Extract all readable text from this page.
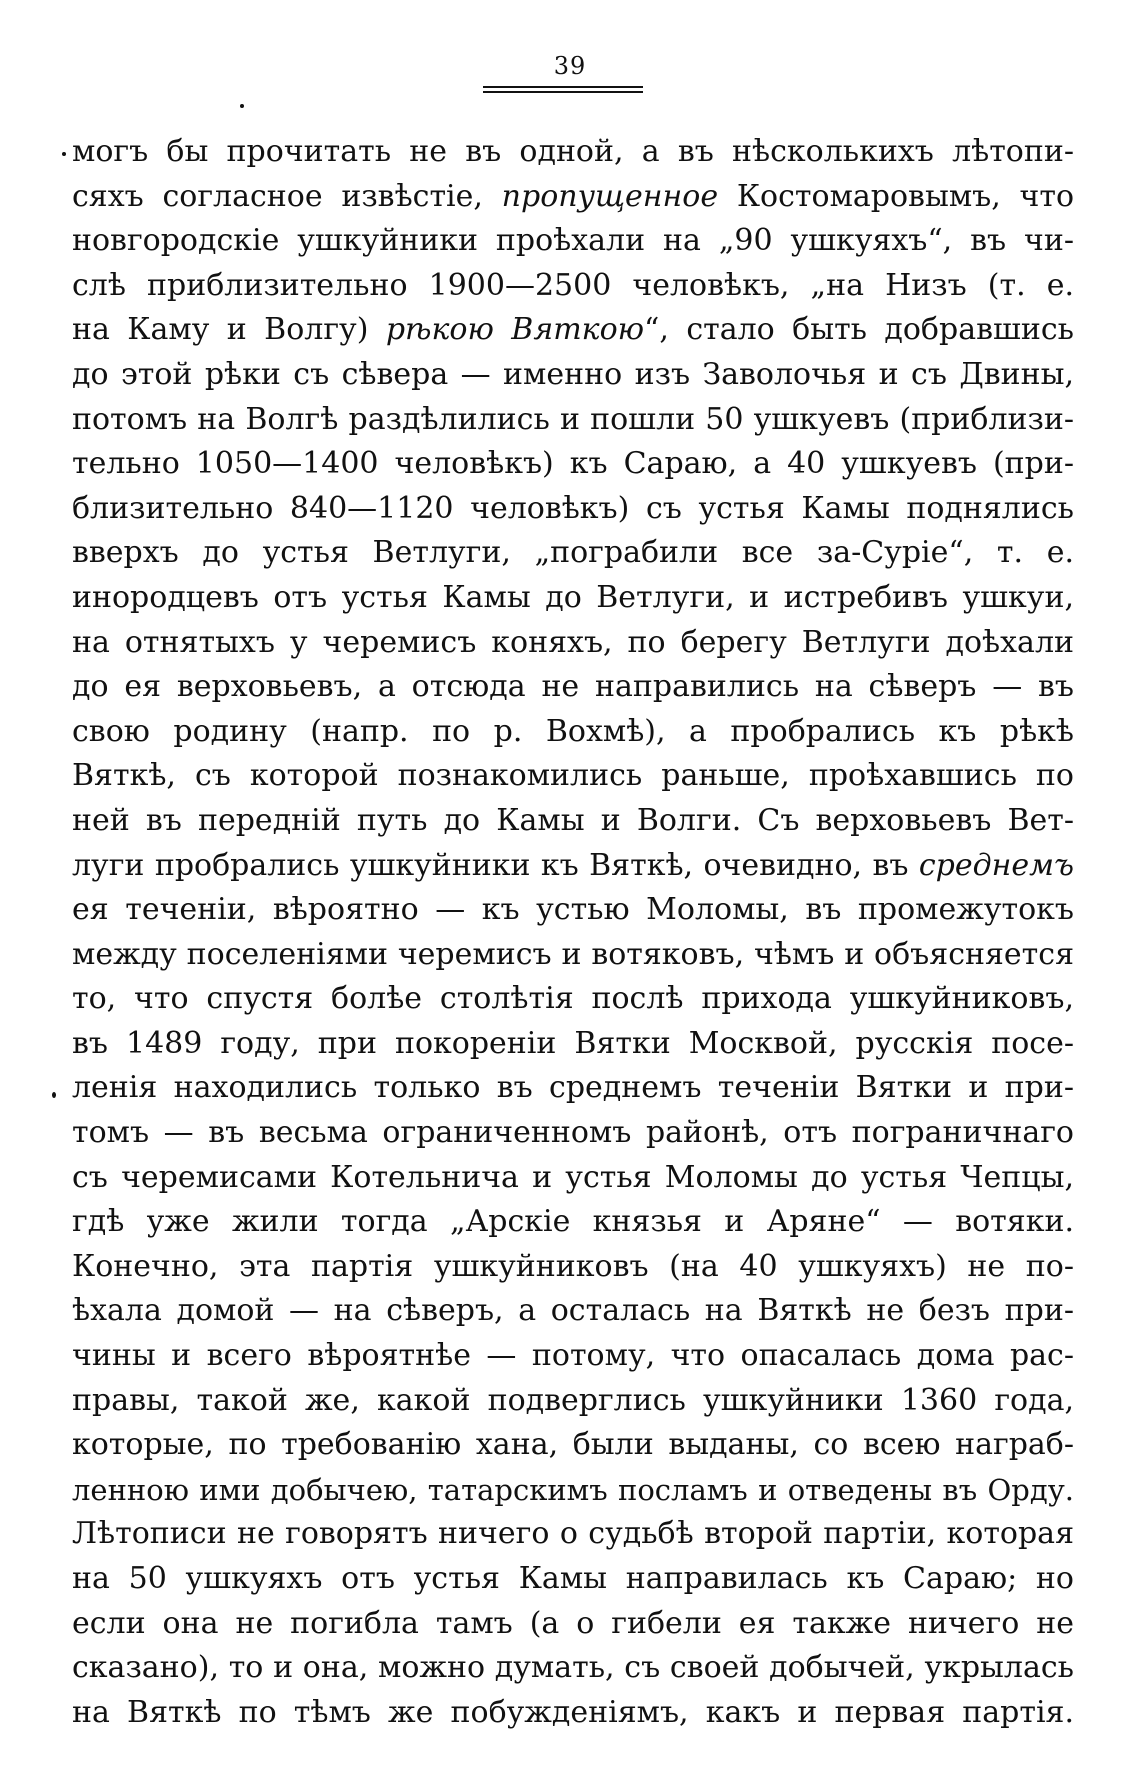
39
могъ бы прочитать не въ одной, а въ нѣсколькихъ лѣтопи-
сяхъ согласное извѣстіе, пропущенное Костомаровымъ, что
новгородскіе ушкуйники проѣхали на „90 ушкуяхъ“, въ чи-
слѣ приблизительно 1900—2500 человѣкъ, „на Низъ (т. е.
на Каму и Волгу) рѣкою Вяткою“, стало быть добравшись
до этой рѣки съ сѣвера — именно изъ Заволочья и съ Двины,
потомъ на Волгѣ раздѣлились и пошли 50 ушкуевъ (приблизи-
тельно 1050—1400 человѣкъ) къ Сараю, а 40 ушкуевъ (при-
близительно 840—1120 человѣкъ) съ устья Камы поднялись
вверхъ до устья Ветлуги, „пограбили все за-Суріе“, т. е.
инородцевъ отъ устья Камы до Ветлуги, и истребивъ ушкуи,
на отнятыхъ у черемисъ коняхъ, по берегу Ветлуги доѣхали
до ея верховьевъ, а отсюда не направились на сѣверъ — въ
свою родину (напр. по р. Вохмѣ), а пробрались къ рѣкѣ
Вяткѣ, съ которой познакомились раньше, проѣхавшись по
ней въ передній путь до Камы и Волги. Съ верховьевъ Вет-
луги пробрались ушкуйники къ Вяткѣ, очевидно, въ среднемъ
ея теченіи, вѣроятно — къ устью Моломы, въ промежутокъ
между поселеніями черемисъ и вотяковъ, чѣмъ и объясняется
то, что спустя болѣе столѣтія послѣ прихода ушкуйниковъ,
въ 1489 году, при покореніи Вятки Москвой, русскія посе-
ленія находились только въ среднемъ теченіи Вятки и при-
томъ — въ весьма ограниченномъ районѣ, отъ пограничнаго
съ черемисами Котельнича и устья Моломы до устья Чепцы,
гдѣ уже жили тогда „Арскіе князья и Аряне“ — вотяки.
Конечно, эта партія ушкуйниковъ (на 40 ушкуяхъ) не по-
ѣхала домой — на сѣверъ, а осталась на Вяткѣ не безъ при-
чины и всего вѣроятнѣе — потому, что опасалась дома рас-
правы, такой же, какой подверглись ушкуйники 1360 года,
которые, по требованію хана, были выданы, со всею награб-
ленною ими добычею, татарскимъ посламъ и отведены въ Орду.
Лѣтописи не говорятъ ничего о судьбѣ второй партіи, которая
на 50 ушкуяхъ отъ устья Камы направилась къ Сараю; но
если она не погибла тамъ (а о гибели ея также ничего не
сказано), то и она, можно думать, съ своей добычей, укрылась
на Вяткѣ по тѣмъ же побужденіямъ, какъ и первая партія.
